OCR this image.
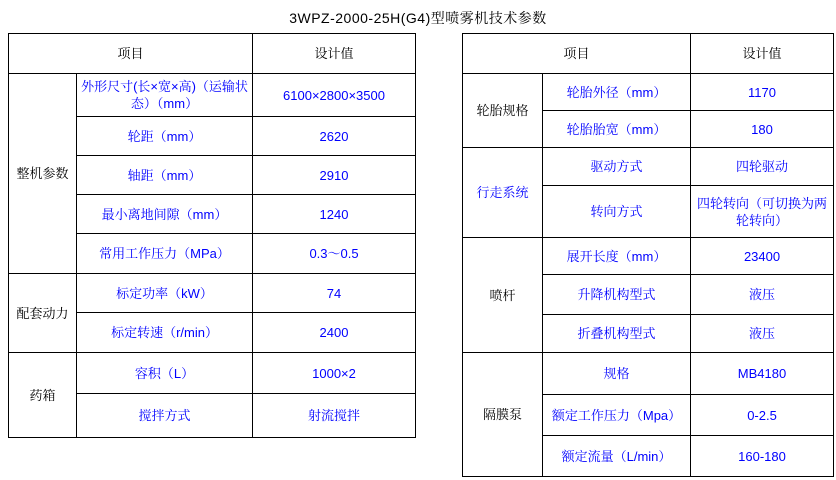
3WPZ-2000-25H(G4)型喷雾机技术参数
项目		设计值
整机参数	外形尺寸(长×宽×高)（运输状态）（mm）	6100×2800×3500
	轮距（mm）	2620
	轴距（mm）	2910
	最小离地间隙（mm）	1240
	常用工作压力（MPa）	0.3～0.5
配套动力	标定功率（kW）	74
	标定转速（r/min）	2400
药箱	容积（L）	1000×2
	搅拌方式	射流搅拌
项目		设计值
轮胎规格	轮胎外径（mm）	1170
	轮胎胎宽（mm）	180
行走系统	驱动方式	四轮驱动
	转向方式	四轮转向（可切换为两轮转向）
喷杆	展开长度（mm）	23400
	升降机构型式	液压
	折叠机构型式	液压
隔膜泵	规格	MB4180
	额定工作压力（Mpa）	0-2.5
	额定流量（L/min）	160-180
